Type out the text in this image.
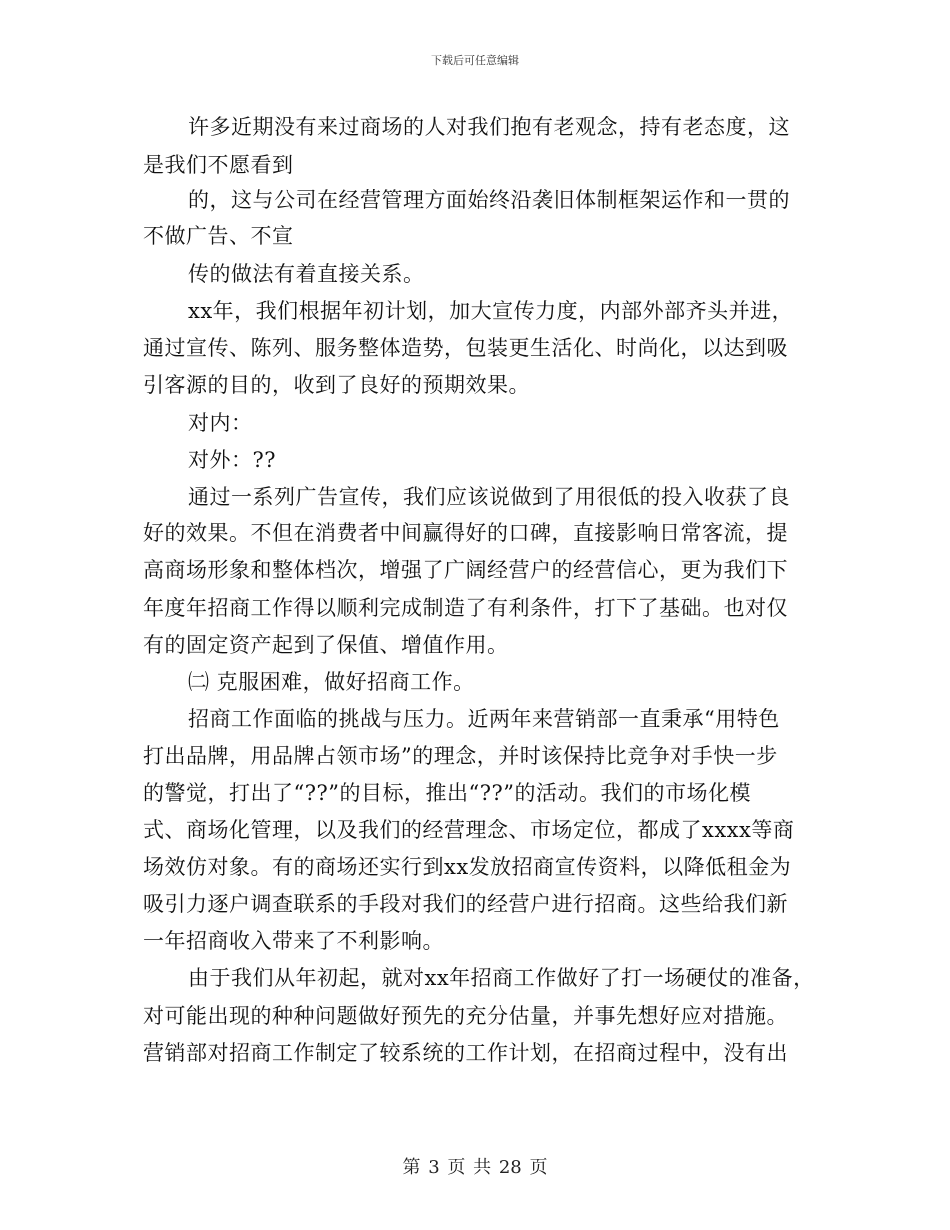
下载后可任意编辑
许多近期没有来过商场的人对我们抱有老观念，持有老态度，这
是我们不愿看到
的，这与公司在经营管理方面始终沿袭旧体制框架运作和一贯的
不做广告、不宣
传的做法有着直接关系。
xx年，我们根据年初计划，加大宣传力度，内部外部齐头并进，
通过宣传、陈列、服务整体造势，包装更生活化、时尚化，以达到吸
引客源的目的，收到了良好的预期效果。
对内：
对外：??
通过一系列广告宣传，我们应该说做到了用很低的投入收获了良
好的效果。不但在消费者中间赢得好的口碑，直接影响日常客流，提
高商场形象和整体档次，增强了广阔经营户的经营信心，更为我们下
年度年招商工作得以顺利完成制造了有利条件，打下了基础。也对仅
有的固定资产起到了保值、增值作用。
㈡ 克服困难，做好招商工作。
招商工作面临的挑战与压力。近两年来营销部一直秉承“用特色
打出品牌，用品牌占领市场”的理念，并时该保持比竞争对手快一步
的警觉，打出了“??”的目标，推出“??”的活动。我们的市场化模
式、商场化管理，以及我们的经营理念、市场定位，都成了xxxx等商
场效仿对象。有的商场还实行到xx发放招商宣传资料，以降低租金为
吸引力逐户调查联系的手段对我们的经营户进行招商。这些给我们新
一年招商收入带来了不利影响。
由于我们从年初起，就对xx年招商工作做好了打一场硬仗的准备，
对可能出现的种种问题做好预先的充分估量，并事先想好应对措施。
营销部对招商工作制定了较系统的工作计划，在招商过程中，没有出
第 3 页 共 28 页
